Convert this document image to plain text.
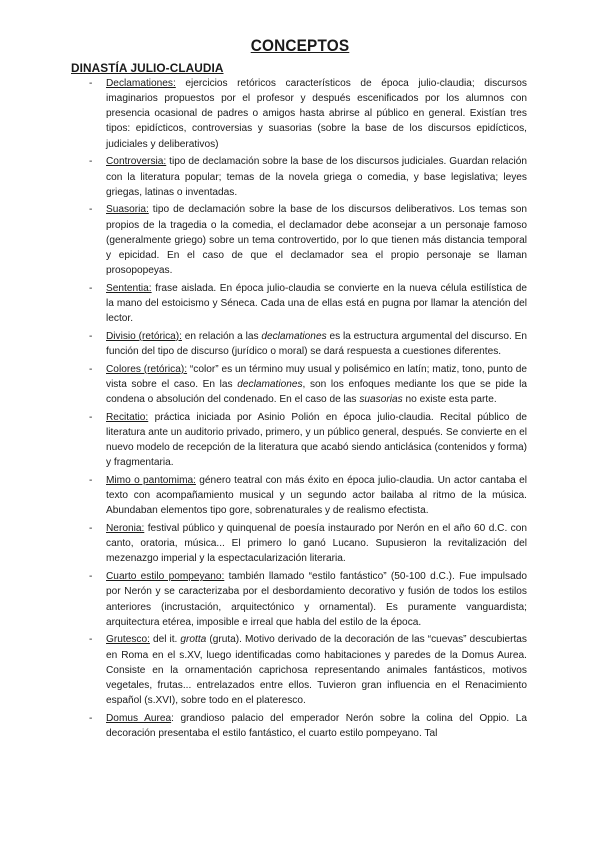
CONCEPTOS
DINASTÍA JULIO-CLAUDIA
- Declamationes: ejercicios retóricos característicos de época julio-claudia; discursos imaginarios propuestos por el profesor y después escenificados por los alumnos con presencia ocasional de padres o amigos hasta abrirse al público en general. Existían tres tipos: epidícticos, controversias y suasorias (sobre la base de los discursos epidícticos, judiciales y deliberativos)
- Controversia: tipo de declamación sobre la base de los discursos judiciales. Guardan relación con la literatura popular; temas de la novela griega o comedia, y base legislativa; leyes griegas, latinas o inventadas.
- Suasoria: tipo de declamación sobre la base de los discursos deliberativos. Los temas son propios de la tragedia o la comedia, el declamador debe aconsejar a un personaje famoso (generalmente griego) sobre un tema controvertido, por lo que tienen más distancia temporal y epicidad. En el caso de que el declamador sea el propio personaje se llaman prosopopeyas.
- Sententia: frase aislada. En época julio-claudia se convierte en la nueva célula estilística de la mano del estoicismo y Séneca. Cada una de ellas está en pugna por llamar la atención del lector.
- Divisio (retórica): en relación a las declamationes es la estructura argumental del discurso. En función del tipo de discurso (jurídico o moral) se dará respuesta a cuestiones diferentes.
- Colores (retórica): “color” es un término muy usual y polisémico en latín; matiz, tono, punto de vista sobre el caso. En las declamationes, son los enfoques mediante los que se pide la condena o absolución del condenado. En el caso de las suasorias no existe esta parte.
- Recitatio: práctica iniciada por Asinio Polión en época julio-claudia. Recital público de literatura ante un auditorio privado, primero, y un público general, después. Se convierte en el nuevo modelo de recepción de la literatura que acabó siendo anticlásica (contenidos y forma) y fragmentaria.
- Mimo o pantomima: género teatral con más éxito en época julio-claudia. Un actor cantaba el texto con acompañamiento musical y un segundo actor bailaba al ritmo de la música. Abundaban elementos tipo gore, sobrenaturales y de realismo efectista.
- Neronia: festival público y quinquenal de poesía instaurado por Nerón en el año 60 d.C. con canto, oratoria, música... El primero lo ganó Lucano. Supusieron la revitalización del mezenazgo imperial y la espectacularización literaria.
- Cuarto estilo pompeyano: también llamado “estilo fantástico” (50-100 d.C.). Fue impulsado por Nerón y se caracterizaba por el desbordamiento decorativo y fusión de todos los estilos anteriores (incrustación, arquitectónico y ornamental). Es puramente vanguardista; arquitectura etérea, imposible e irreal que habla del estilo de la época.
- Grutesco: del it. grotta (gruta). Motivo derivado de la decoración de las “cuevas” descubiertas en Roma en el s.XV, luego identificadas como habitaciones y paredes de la Domus Aurea. Consiste en la ornamentación caprichosa representando animales fantásticos, motivos vegetales, frutas... entrelazados entre ellos. Tuvieron gran influencia en el Renacimiento español (s.XVI), sobre todo en el plateresco.
- Domus Aurea: grandioso palacio del emperador Nerón sobre la colina del Oppio. La decoración presentaba el estilo fantástico, el cuarto estilo pompeyano. Tal
